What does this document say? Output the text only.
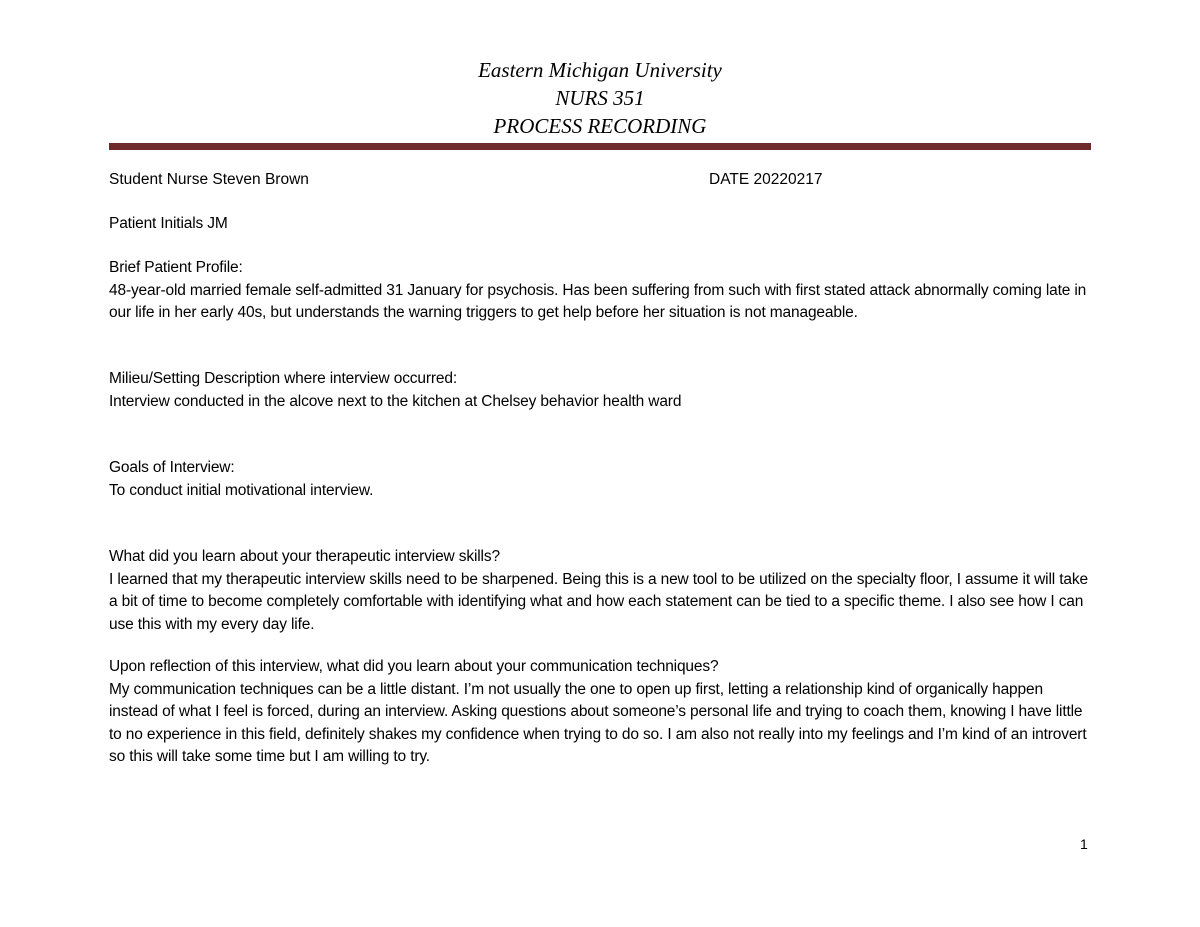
Eastern Michigan University
NURS 351
PROCESS RECORDING
Student Nurse Steven Brown	DATE 20220217
Patient Initials JM

Brief Patient Profile:

48-year-old married female self-admitted 31 January for psychosis. Has been suffering from such with first stated attack abnormally coming late in our life in her early 40s, but understands the warning triggers to get help before her situation is not manageable.

Milieu/Setting Description where interview occurred:

Interview conducted in the alcove next to the kitchen at Chelsey behavior health ward

Goals of Interview:

To conduct initial motivational interview.

What did you learn about your therapeutic interview skills?

I learned that my therapeutic interview skills need to be sharpened. Being this is a new tool to be utilized on the specialty floor, I assume it will take a bit of time to become completely comfortable with identifying what and how each statement can be tied to a specific theme. I also see how I can use this with my every day life.

Upon reflection of this interview, what did you learn about your communication techniques?

My communication techniques can be a little distant. I’m not usually the one to open up first, letting a relationship kind of organically happen instead of what I feel is forced, during an interview. Asking questions about someone’s personal life and trying to coach them, knowing I have little to no experience in this field, definitely shakes my confidence when trying to do so. I am also not really into my feelings and I’m kind of an introvert so this will take some time but I am willing to try.

1
